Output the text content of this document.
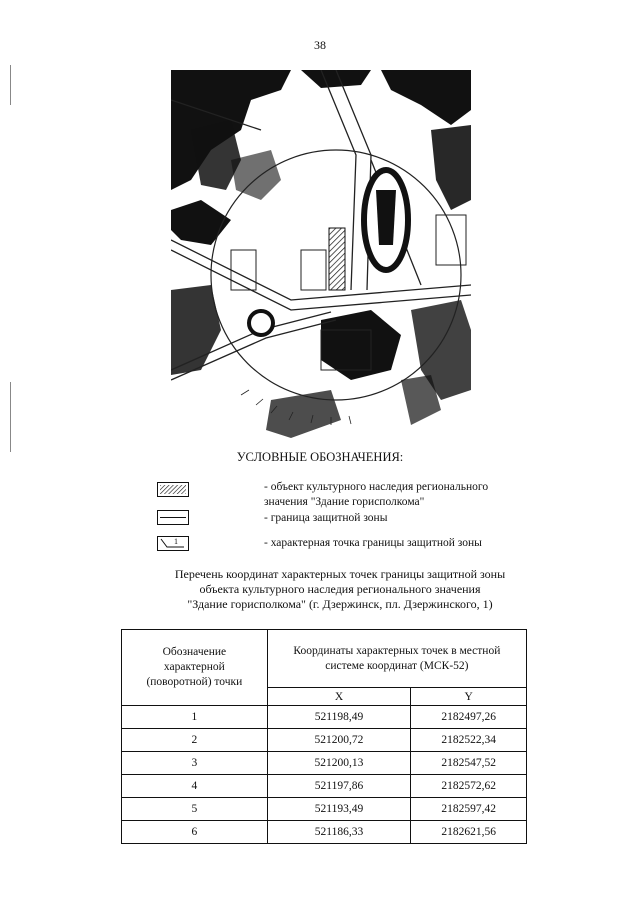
38
УСЛОВНЫЕ ОБОЗНАЧЕНИЯ:
- объект культурного наследия регионального
значения "Здание горисполкома"
- граница защитной зоны
1	- характерная точка границы защитной зоны
Перечень координат характерных точек границы защитной зоны
объекта культурного наследия регионального значения
"Здание горисполкома" (г. Дзержинск, пл. Дзержинского, 1)
Обозначение характерной (поворотной) точки	Координаты характерных точек в местной системе координат (МСК-52)	
	X	Y
1	521198,49	2182497,26
2	521200,72	2182522,34
3	521200,13	2182547,52
4	521197,86	2182572,62
5	521193,49	2182597,42
6	521186,33	2182621,56
